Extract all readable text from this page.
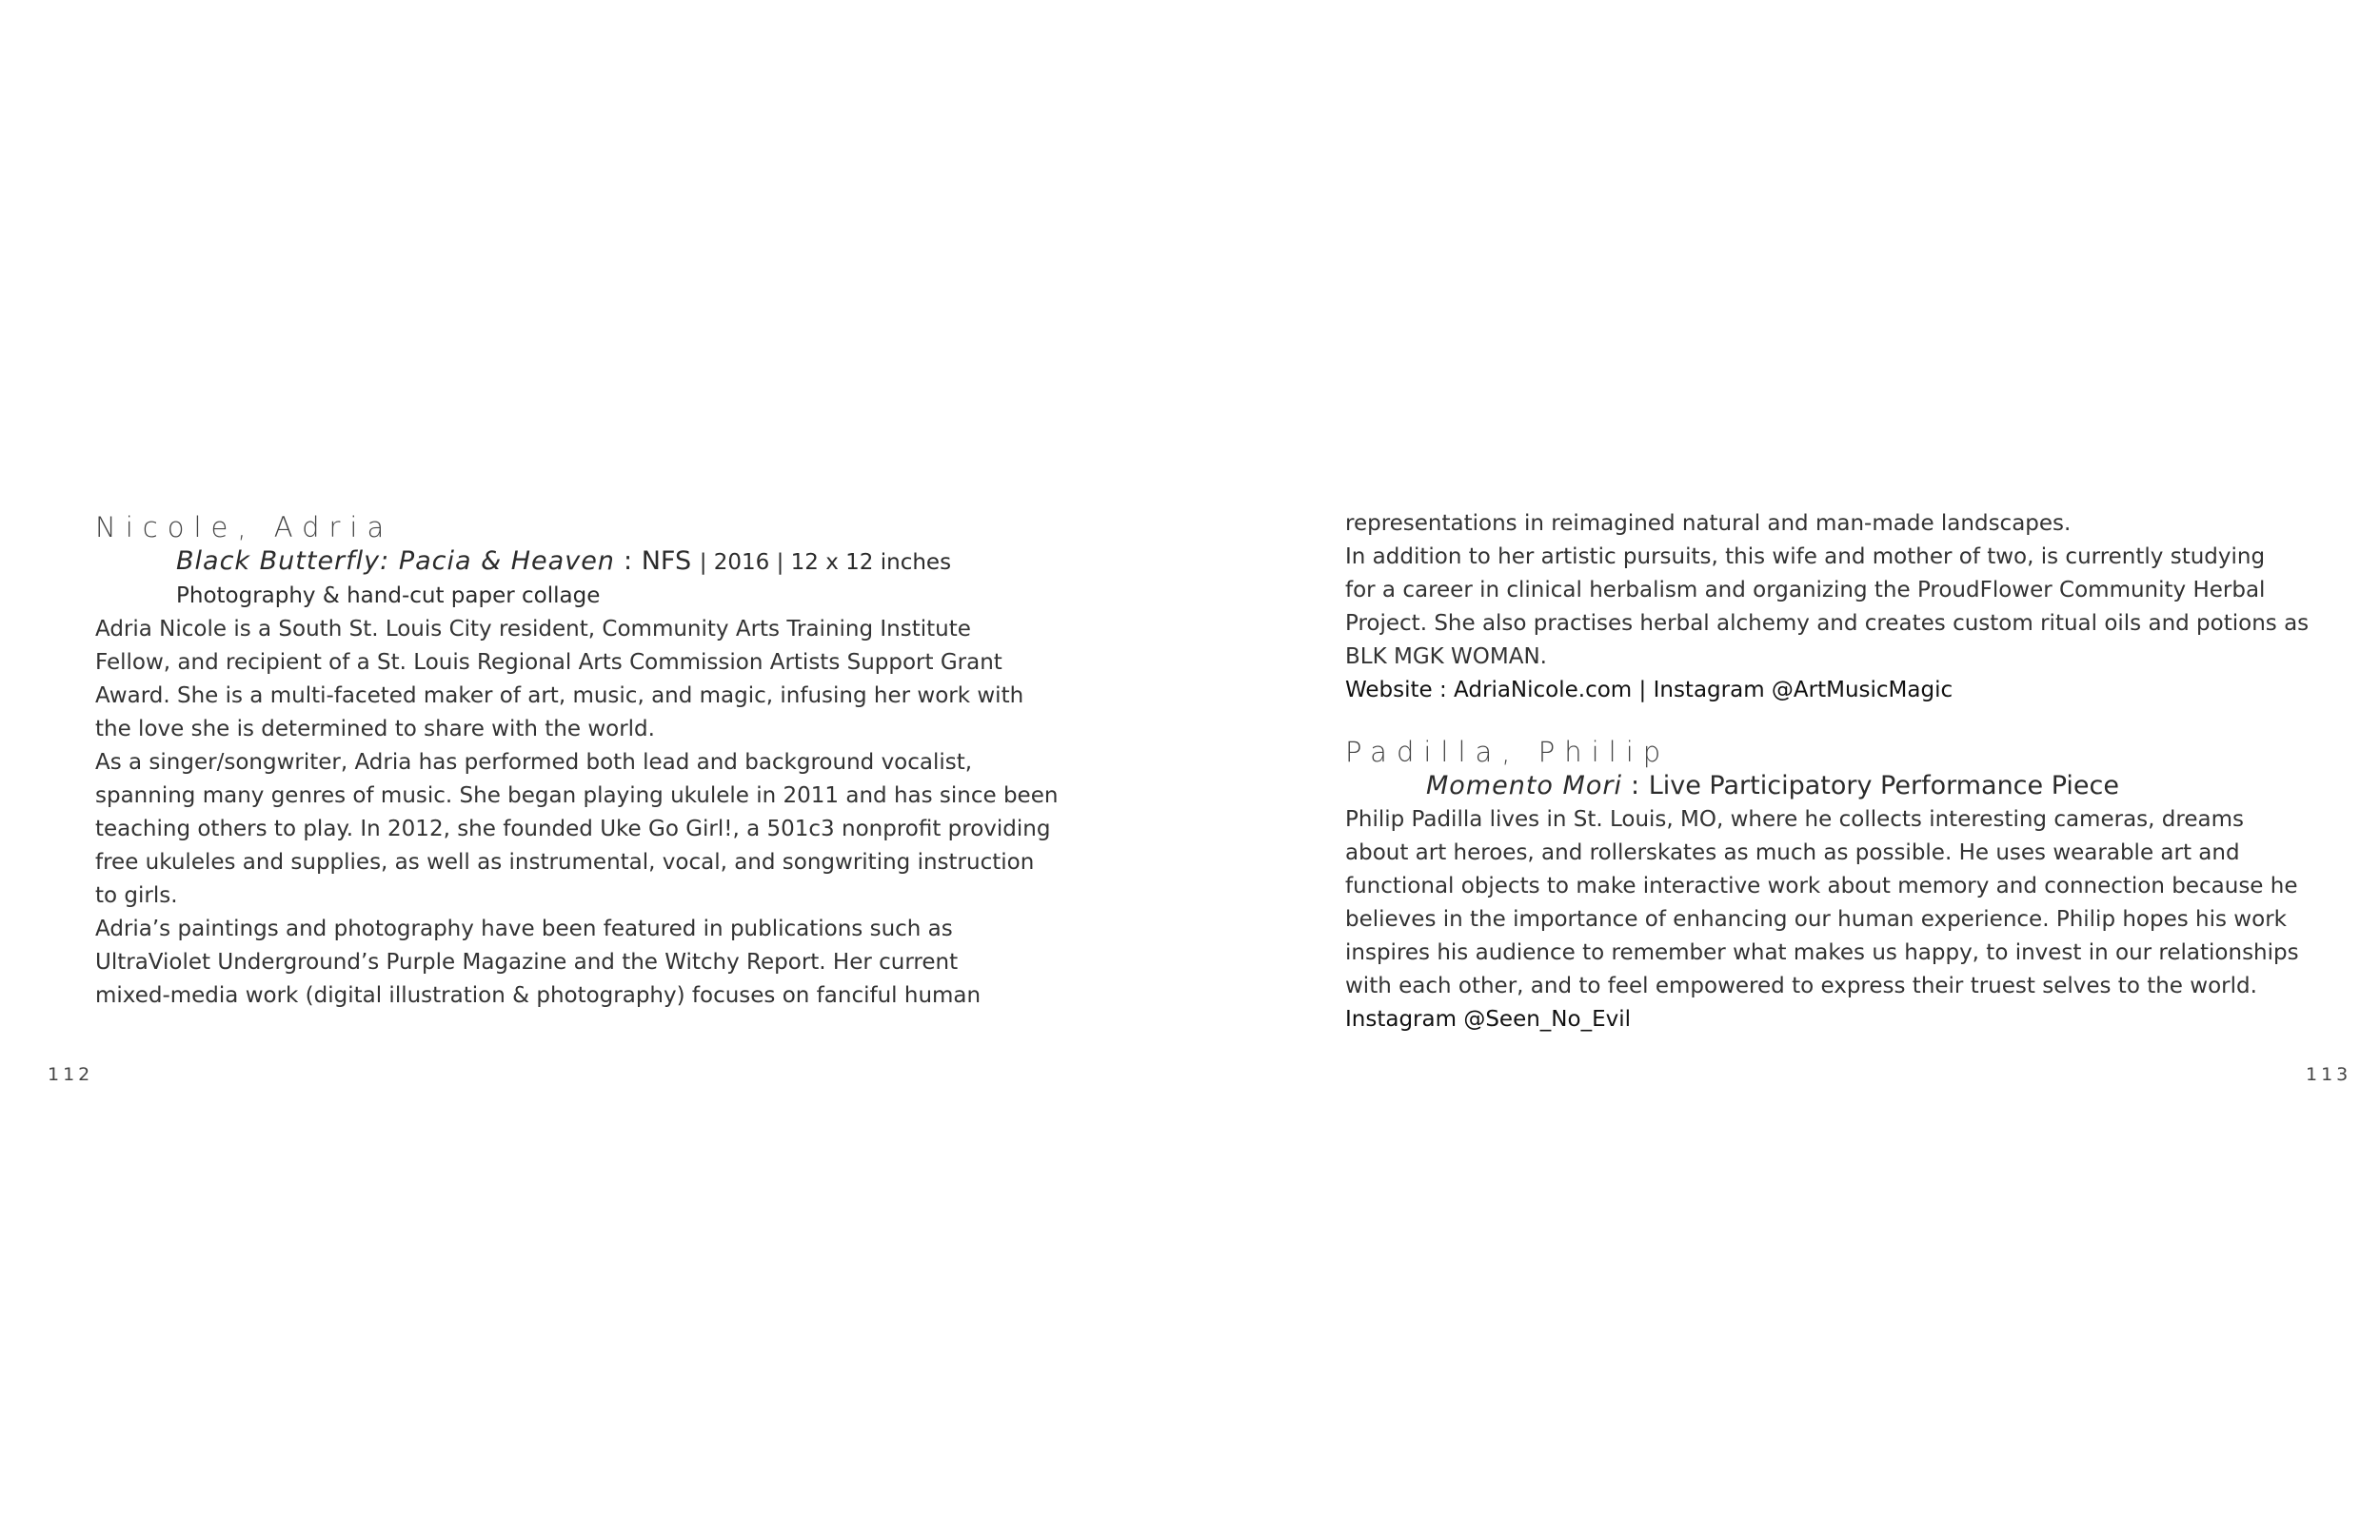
Nicole, Adria
Black Butterfly: Pacia & Heaven : NFS | 2016 | 12 x 12 inches
Photography & hand-cut paper collage
Adria Nicole is a South St. Louis City resident, Community Arts Training Institute
Fellow, and recipient of a St. Louis Regional Arts Commission Artists Support Grant
Award. She is a multi-faceted maker of art, music, and magic, infusing her work with
the love she is determined to share with the world.
As a singer/songwriter, Adria has performed both lead and background vocalist,
spanning many genres of music. She began playing ukulele in 2011 and has since been
teaching others to play. In 2012, she founded Uke Go Girl!, a 501c3 nonprofit providing
free ukuleles and supplies, as well as instrumental, vocal, and songwriting instruction
to girls.
Adria’s paintings and photography have been featured in publications such as
UltraViolet Underground’s Purple Magazine and the Witchy Report. Her current
mixed-media work (digital illustration & photography) focuses on fanciful human
112
representations in reimagined natural and man-made landscapes.
In addition to her artistic pursuits, this wife and mother of two, is currently studying
for a career in clinical herbalism and organizing the ProudFlower Community Herbal
Project. She also practises herbal alchemy and creates custom ritual oils and potions as
BLK MGK WOMAN.
Website : AdriaNicole.com | Instagram @ArtMusicMagic
Padilla, Philip
Momento Mori : Live Participatory Performance Piece
Philip Padilla lives in St. Louis, MO, where he collects interesting cameras, dreams
about art heroes, and rollerskates as much as possible. He uses wearable art and
functional objects to make interactive work about memory and connection because he
believes in the importance of enhancing our human experience. Philip hopes his work
inspires his audience to remember what makes us happy, to invest in our relationships
with each other, and to feel empowered to express their truest selves to the world.
Instagram @Seen_No_Evil
113
